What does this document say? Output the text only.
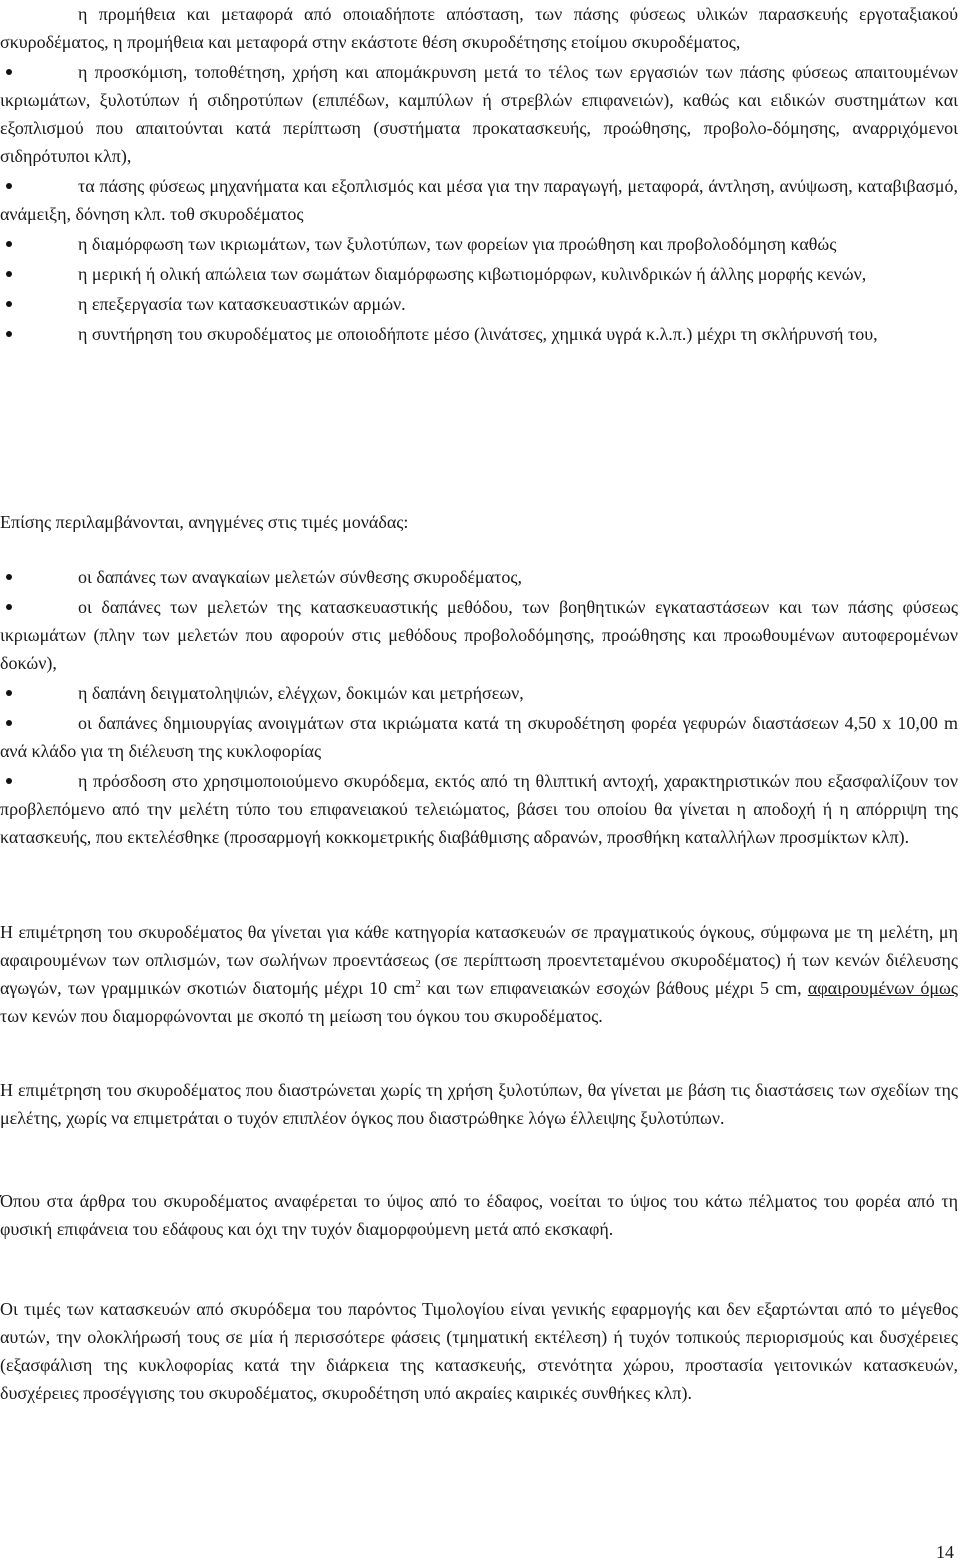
η προμήθεια και μεταφορά από οποιαδήποτε απόσταση, των πάσης φύσεως υλικών παρασκευής εργοταξιακού σκυροδέματος, η προμήθεια και μεταφορά στην εκάστοτε θέση σκυροδέτησης ετοίμου σκυροδέματος,
η προσκόμιση, τοποθέτηση, χρήση και απομάκρυνση μετά το τέλος των εργασιών των πάσης φύσεως απαιτουμένων ικριωμάτων, ξυλοτύπων ή σιδηροτύπων (επιπέδων, καμπύλων ή στρεβλών επιφανειών), καθώς και ειδικών συστημάτων και εξοπλισμού που απαιτούνται κατά περίπτωση (συστήματα προκατασκευής, προώθησης, προβολο-δόμησης, αναρριχόμενοι σιδηρότυποι κλπ),
τα πάσης φύσεως μηχανήματα και εξοπλισμός και μέσα για την παραγωγή, μεταφορά, άντληση, ανύψωση, καταβιβασμό, ανάμειξη, δόνηση κλπ. τοθ σκυροδέματος
η διαμόρφωση των ικριωμάτων, των ξυλοτύπων, των φορείων για προώθηση και προβολοδόμηση καθώς
η μερική ή ολική απώλεια των σωμάτων διαμόρφωσης κιβωτιομόρφων, κυλινδρικών ή άλλης μορφής κενών,
η επεξεργασία των κατασκευαστικών αρμών.
η συντήρηση του σκυροδέματος με οποιοδήποτε μέσο (λινάτσες, χημικά υγρά κ.λ.π.) μέχρι τη σκλήρυνσή του,

Επίσης περιλαμβάνονται, ανηγμένες στις τιμές μονάδας:

οι δαπάνες των αναγκαίων μελετών σύνθεσης σκυροδέματος,
οι δαπάνες των μελετών της κατασκευαστικής μεθόδου, των βοηθητικών εγκαταστάσεων και των πάσης φύσεως ικριωμάτων (πλην των μελετών που αφορούν στις μεθόδους προβολοδόμησης, προώθησης και προωθουμένων αυτοφερομένων δοκών),
η δαπάνη δειγματοληψιών, ελέγχων, δοκιμών και μετρήσεων,
οι δαπάνες δημιουργίας ανοιγμάτων στα ικριώματα κατά τη σκυροδέτηση φορέα γεφυρών διαστάσεων 4,50 x 10,00 m ανά κλάδο για τη διέλευση της κυκλοφορίας
η πρόσδοση στο χρησιμοποιούμενο σκυρόδεμα, εκτός από τη θλιπτική αντοχή, χαρακτηριστικών που εξασφαλίζουν τον προβλεπόμενο από την μελέτη τύπο του επιφανειακού τελειώματος, βάσει του οποίου θα γίνεται η αποδοχή ή η απόρριψη της κατασκευής, που εκτελέσθηκε (προσαρμογή κοκκομετρικής διαβάθμισης αδρανών, προσθήκη καταλλήλων προσμίκτων κλπ).

Η επιμέτρηση του σκυροδέματος θα γίνεται για κάθε κατηγορία κατασκευών σε πραγματικούς όγκους, σύμφωνα με τη μελέτη, μη αφαιρουμένων των οπλισμών, των σωλήνων προεντάσεως (σε περίπτωση προεντεταμένου σκυροδέματος) ή των κενών διέλευσης αγωγών, των γραμμικών σκοτιών διατομής μέχρι 10 $cm^2$ και των επιφανειακών εσοχών βάθους μέχρι 5 cm, αφαιρουμένων όμως των κενών που διαμορφώνονται με σκοπό τη μείωση του όγκου του σκυροδέματος.

Η επιμέτρηση του σκυροδέματος που διαστρώνεται χωρίς τη χρήση ξυλοτύπων, θα γίνεται με βάση τις διαστάσεις των σχεδίων της μελέτης, χωρίς να επιμετράται ο τυχόν επιπλέον όγκος που διαστρώθηκε λόγω έλλειψης ξυλοτύπων.

Όπου στα άρθρα του σκυροδέματος αναφέρεται το ύψος από το έδαφος, νοείται το ύψος του κάτω πέλματος του φορέα από τη φυσική επιφάνεια του εδάφους και όχι την τυχόν διαμορφούμενη μετά από εκσκαφή.

Οι τιμές των κατασκευών από σκυρόδεμα του παρόντος Τιμολογίου είναι γενικής εφαρμογής και δεν εξαρτώνται από το μέγεθος αυτών, την ολοκλήρωσή τους σε μία ή περισσότερε φάσεις (τμηματική εκτέλεση) ή τυχόν τοπικούς περιορισμούς και δυσχέρειες (εξασφάλιση της κυκλοφορίας κατά την διάρκεια της κατασκευής, στενότητα χώρου, προστασία γειτονικών κατασκευών, δυσχέρειες προσέγγισης του σκυροδέματος, σκυροδέτηση υπό ακραίες καιρικές συνθήκες κλπ).

14
